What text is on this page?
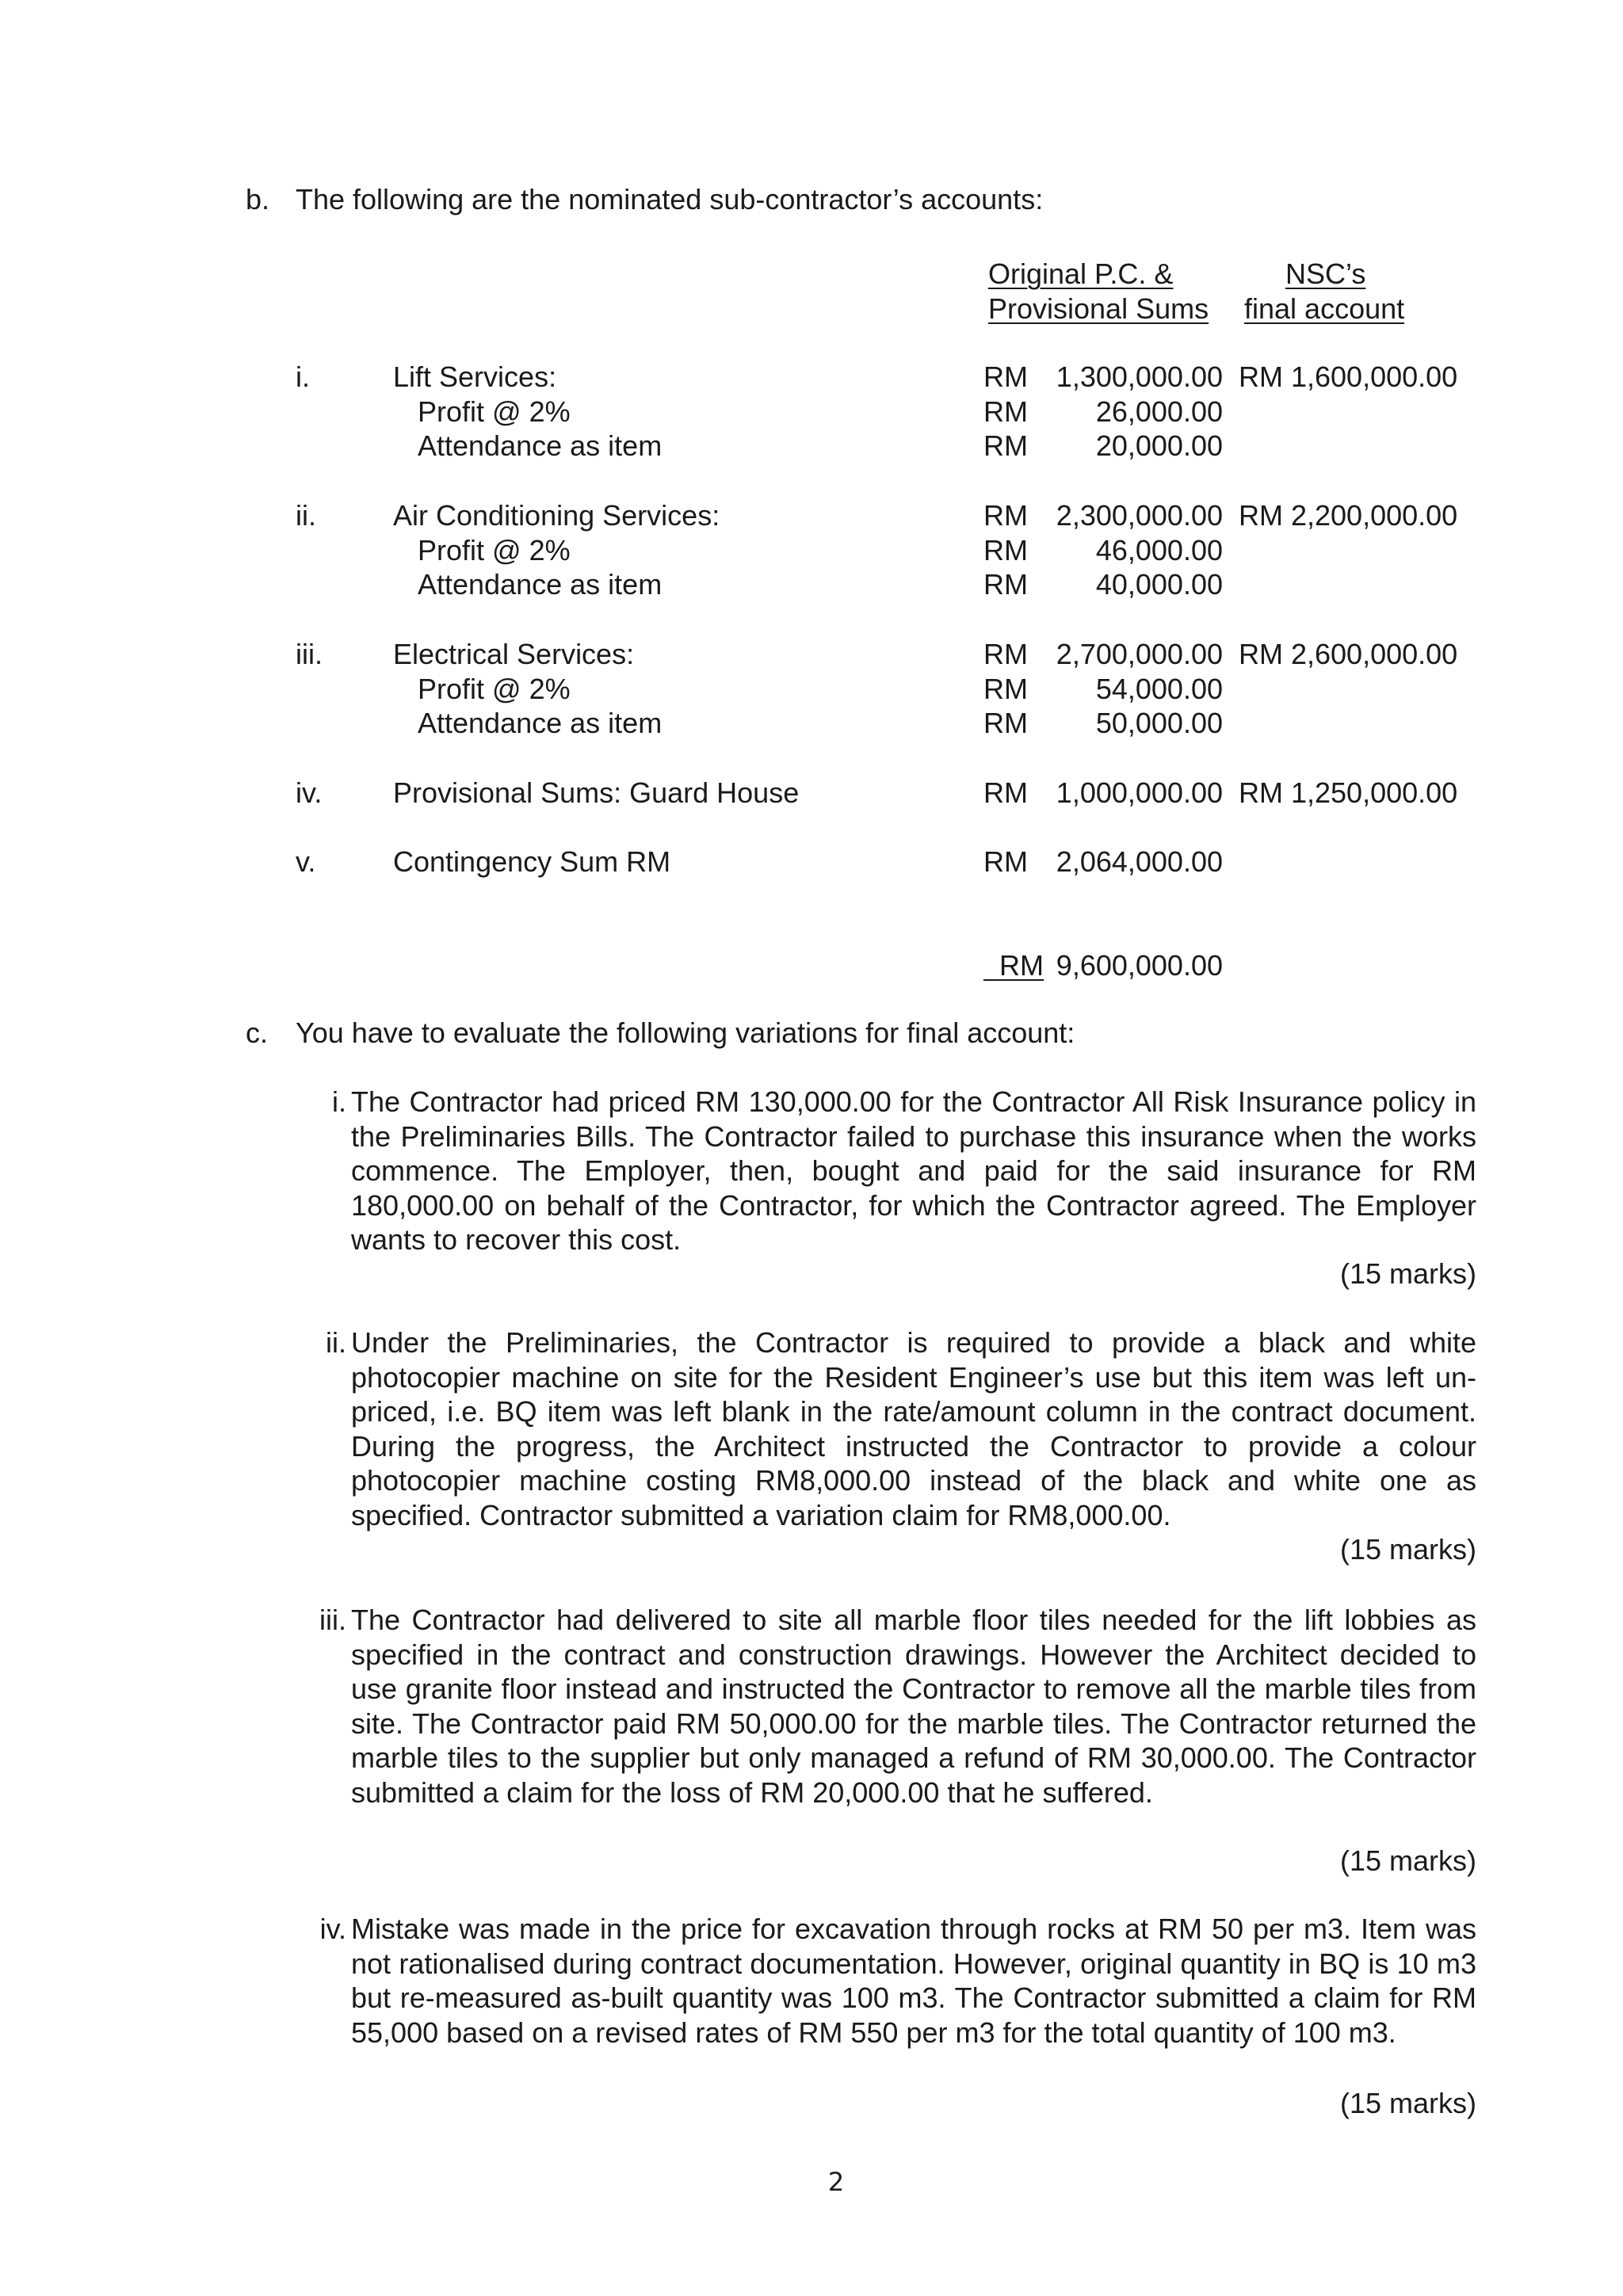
b. The following are the nominated sub-contractor’s accounts:
Original P.C. &
Provisional Sums
NSC’s
final account
i.	Lift Services:	RM 1,300,000.00 RM 1,600,000.00
Profit @ 2%	RM 26,000.00
Attendance as item	RM 20,000.00
ii.	Air Conditioning Services:	RM 2,300,000.00 RM 2,200,000.00
Profit @ 2%	RM 46,000.00
Attendance as item	RM 40,000.00
iii. Electrical Services:	RM 2,700,000.00 RM 2,600,000.00
Profit @ 2%	RM 54,000.00
Attendance as item	RM 50,000.00
iv. Provisional Sums: Guard House	RM 1,000,000.00 RM 1,250,000.00
v.	Contingency Sum RM	RM 2,064,000.00

RM 9,600,000.00

c. You have to evaluate the following variations for final account:
i. The Contractor had priced RM 130,000.00 for the Contractor All Risk Insurance policy in the Preliminaries Bills. The Contractor failed to purchase this insurance when the works commence. The Employer, then, bought and paid for the said insurance for RM 180,000.00 on behalf of the Contractor, for which the Contractor agreed. The Employer wants to recover this cost.

(15 marks)
ii. Under the Preliminaries, the Contractor is required to provide a black and white photocopier machine on site for the Resident Engineer’s use but this item was left un-priced, i.e. BQ item was left blank in the rate/amount column in the contract document. During the progress, the Architect instructed the Contractor to provide a colour photocopier machine costing RM8,000.00 instead of the black and white one as specified. Contractor submitted a variation claim for RM8,000.00.

(15 marks)
iii. The Contractor had delivered to site all marble floor tiles needed for the lift lobbies as specified in the contract and construction drawings. However the Architect decided to use granite floor instead and instructed the Contractor to remove all the marble tiles from site. The Contractor paid RM 50,000.00 for the marble tiles. The Contractor returned the marble tiles to the supplier but only managed a refund of RM 30,000.00. The Contractor submitted a claim for the loss of RM 20,000.00 that he suffered.

(15 marks)
iv. Mistake was made in the price for excavation through rocks at RM 50 per m3. Item was not rationalised during contract documentation. However, original quantity in BQ is 10 m3 but re-measured as-built quantity was 100 m3. The Contractor submitted a claim for RM 55,000 based on a revised rates of RM 550 per m3 for the total quantity of 100 m3.

(15 marks)
2
